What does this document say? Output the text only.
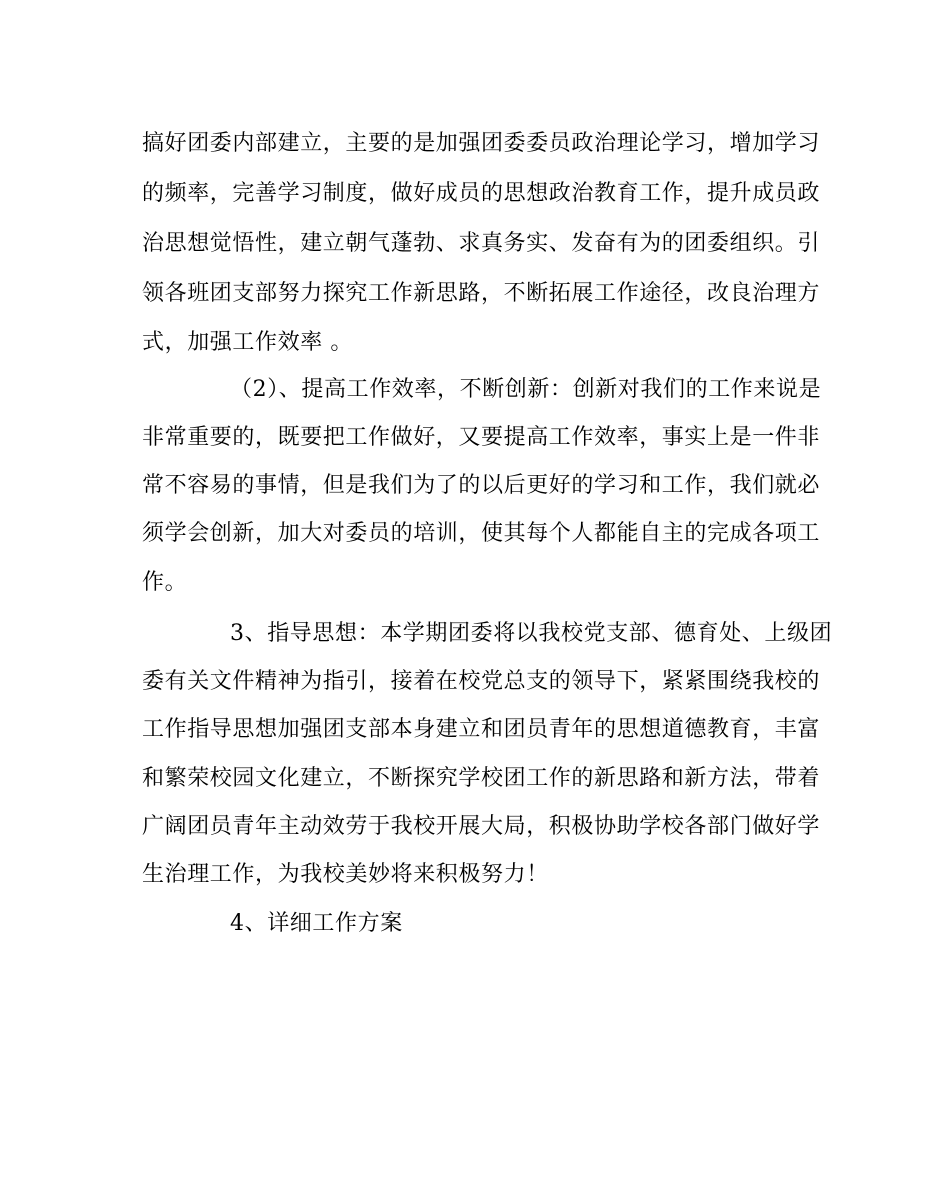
搞好团委内部建立，主要的是加强团委委员政治理论学习，增加学习
的频率，完善学习制度，做好成员的思想政治教育工作，提升成员政
治思想觉悟性，建立朝气蓬勃、求真务实、发奋有为的团委组织。引
领各班团支部努力探究工作新思路，不断拓展工作途径，改良治理方
式，加强工作效率 。
（2）、提高工作效率，不断创新：创新对我们的工作来说是
非常重要的，既要把工作做好，又要提高工作效率，事实上是一件非
常不容易的事情，但是我们为了的以后更好的学习和工作，我们就必
须学会创新，加大对委员的培训，使其每个人都能自主的完成各项工
作。
3、指导思想：本学期团委将以我校党支部、德育处、上级团
委有关文件精神为指引，接着在校党总支的领导下，紧紧围绕我校的
工作指导思想加强团支部本身建立和团员青年的思想道德教育，丰富
和繁荣校园文化建立，不断探究学校团工作的新思路和新方法，带着
广阔团员青年主动效劳于我校开展大局，积极协助学校各部门做好学
生治理工作，为我校美妙将来积极努力！
4、详细工作方案
